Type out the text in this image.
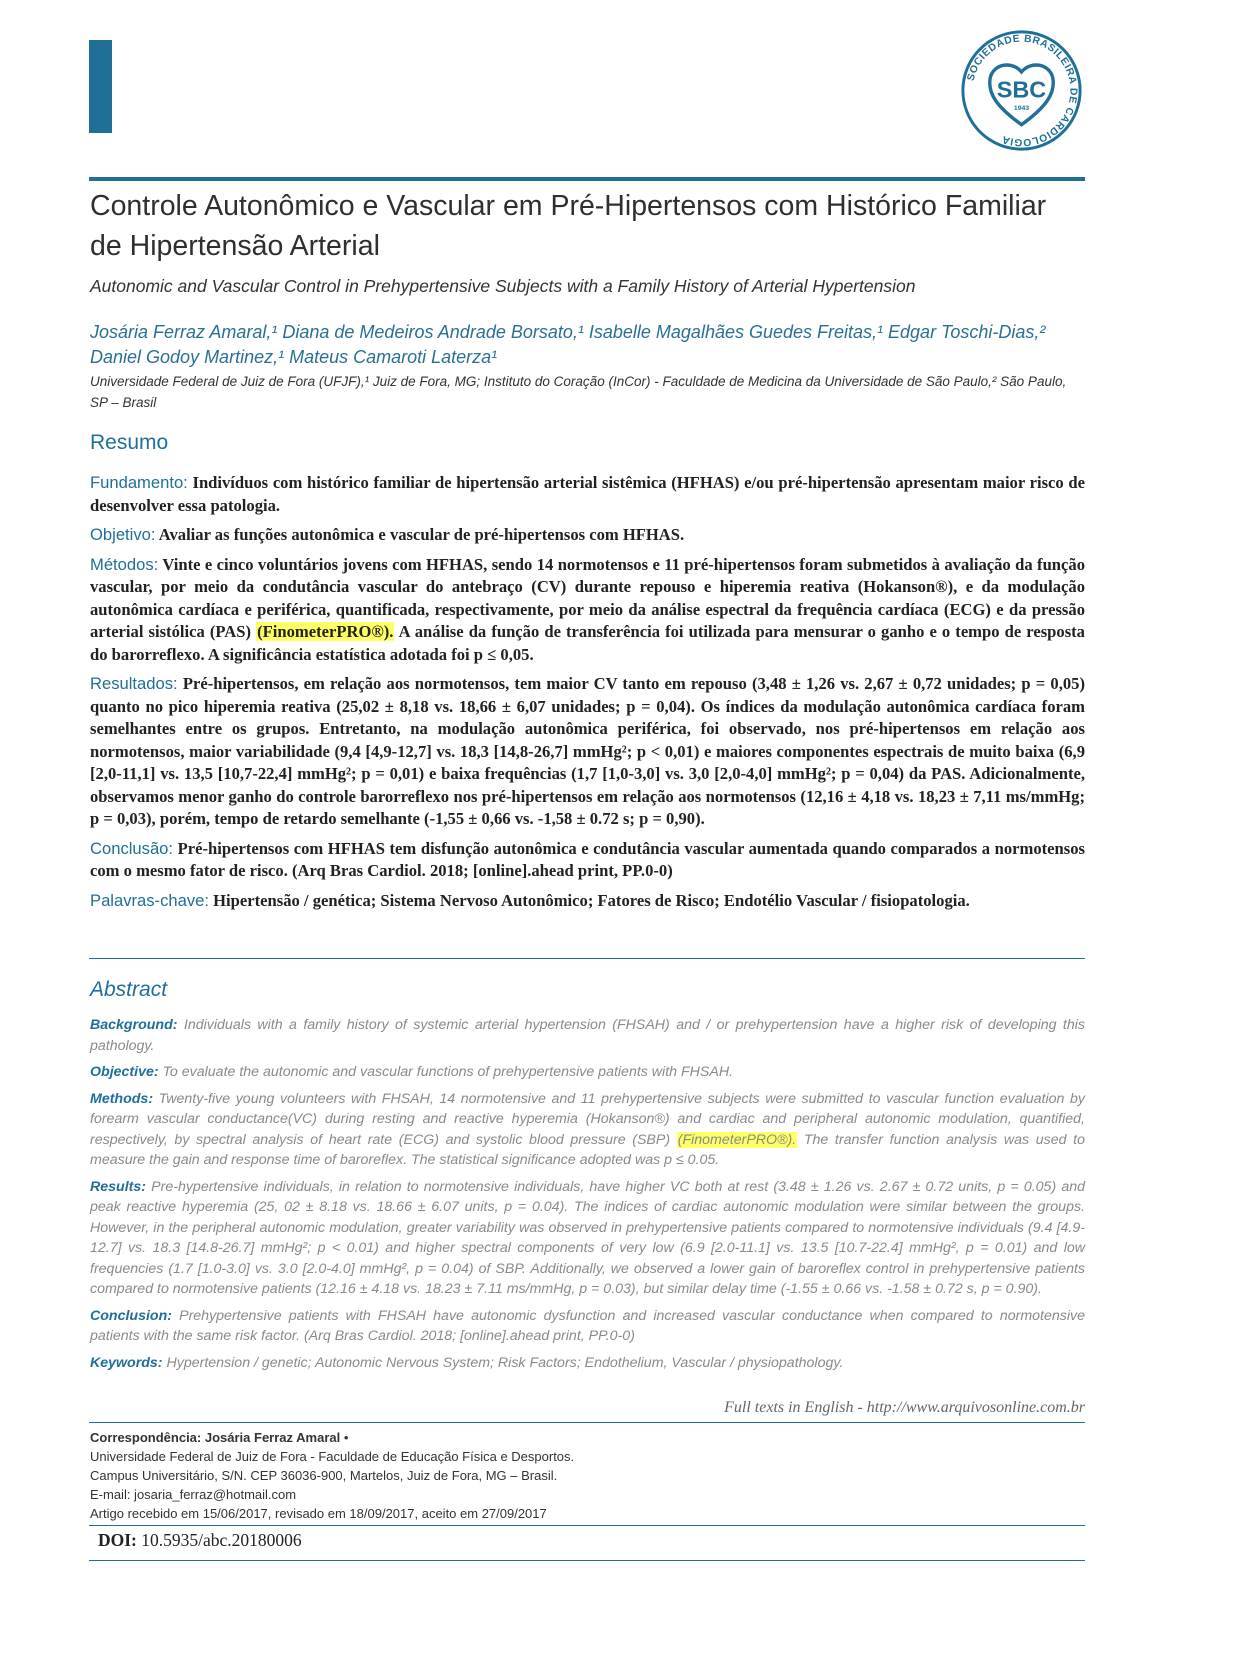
SOCIEDADE BRASILEIRA DE CARDIOLOGIA
SBC
1943
Controle Autonômico e Vascular em Pré-Hipertensos com Histórico Familiar de Hipertensão Arterial
Autonomic and Vascular Control in Prehypertensive Subjects with a Family History of Arterial Hypertension
Josária Ferraz Amaral,¹ Diana de Medeiros Andrade Borsato,¹ Isabelle Magalhães Guedes Freitas,¹ Edgar Toschi-Dias,² Daniel Godoy Martinez,¹ Mateus Camaroti Laterza¹
Universidade Federal de Juiz de Fora (UFJF),¹ Juiz de Fora, MG; Instituto do Coração (InCor) - Faculdade de Medicina da Universidade de São Paulo,² São Paulo, SP – Brasil
Resumo

Fundamento: Indivíduos com histórico familiar de hipertensão arterial sistêmica (HFHAS) e/ou pré-hipertensão apresentam maior risco de desenvolver essa patologia.

Objetivo: Avaliar as funções autonômica e vascular de pré-hipertensos com HFHAS.

Métodos: Vinte e cinco voluntários jovens com HFHAS, sendo 14 normotensos e 11 pré-hipertensos foram submetidos à avaliação da função vascular, por meio da condutância vascular do antebraço (CV) durante repouso e hiperemia reativa (Hokanson®), e da modulação autonômica cardíaca e periférica, quantificada, respectivamente, por meio da análise espectral da frequência cardíaca (ECG) e da pressão arterial sistólica (PAS) (FinometerPRO®). A análise da função de transferência foi utilizada para mensurar o ganho e o tempo de resposta do barorreflexo. A significância estatística adotada foi p ≤ 0,05.

Resultados: Pré-hipertensos, em relação aos normotensos, tem maior CV tanto em repouso (3,48 ± 1,26 vs. 2,67 ± 0,72 unidades; p = 0,05) quanto no pico hiperemia reativa (25,02 ± 8,18 vs. 18,66 ± 6,07 unidades; p = 0,04). Os índices da modulação autonômica cardíaca foram semelhantes entre os grupos. Entretanto, na modulação autonômica periférica, foi observado, nos pré-hipertensos em relação aos normotensos, maior variabilidade (9,4 [4,9-12,7] vs. 18,3 [14,8-26,7] mmHg²; p < 0,01) e maiores componentes espectrais de muito baixa (6,9 [2,0-11,1] vs. 13,5 [10,7-22,4] mmHg²; p = 0,01) e baixa frequências (1,7 [1,0-3,0] vs. 3,0 [2,0-4,0] mmHg²; p = 0,04) da PAS. Adicionalmente, observamos menor ganho do controle barorreflexo nos pré-hipertensos em relação aos normotensos (12,16 ± 4,18 vs. 18,23 ± 7,11 ms/mmHg; p = 0,03), porém, tempo de retardo semelhante (-1,55 ± 0,66 vs. -1,58 ± 0.72 s; p = 0,90).

Conclusão: Pré-hipertensos com HFHAS tem disfunção autonômica e condutância vascular aumentada quando comparados a normotensos com o mesmo fator de risco. (Arq Bras Cardiol. 2018; [online].ahead print, PP.0-0)

Palavras-chave: Hipertensão / genética; Sistema Nervoso Autonômico; Fatores de Risco; Endotélio Vascular / fisiopatologia.

Abstract

Background: Individuals with a family history of systemic arterial hypertension (FHSAH) and / or prehypertension have a higher risk of developing this pathology.

Objective: To evaluate the autonomic and vascular functions of prehypertensive patients with FHSAH.

Methods: Twenty-five young volunteers with FHSAH, 14 normotensive and 11 prehypertensive subjects were submitted to vascular function evaluation by forearm vascular conductance(VC) during resting and reactive hyperemia (Hokanson®) and cardiac and peripheral autonomic modulation, quantified, respectively, by spectral analysis of heart rate (ECG) and systolic blood pressure (SBP) (FinometerPRO®). The transfer function analysis was used to measure the gain and response time of baroreflex. The statistical significance adopted was p ≤ 0.05.

Results: Pre-hypertensive individuals, in relation to normotensive individuals, have higher VC both at rest (3.48 ± 1.26 vs. 2.67 ± 0.72 units, p = 0.05) and peak reactive hyperemia (25, 02 ± 8.18 vs. 18.66 ± 6.07 units, p = 0.04). The indices of cardiac autonomic modulation were similar between the groups. However, in the peripheral autonomic modulation, greater variability was observed in prehypertensive patients compared to normotensive individuals (9.4 [4.9-12.7] vs. 18.3 [14.8-26.7] mmHg²; p < 0.01) and higher spectral components of very low (6.9 [2.0-11.1] vs. 13.5 [10.7-22.4] mmHg², p = 0.01) and low frequencies (1.7 [1.0-3.0] vs. 3.0 [2.0-4.0] mmHg², p = 0.04) of SBP. Additionally, we observed a lower gain of baroreflex control in prehypertensive patients compared to normotensive patients (12.16 ± 4.18 vs. 18.23 ± 7.11 ms/mmHg, p = 0.03), but similar delay time (-1.55 ± 0.66 vs. -1.58 ± 0.72 s, p = 0.90).

Conclusion: Prehypertensive patients with FHSAH have autonomic dysfunction and increased vascular conductance when compared to normotensive patients with the same risk factor. (Arq Bras Cardiol. 2018; [online].ahead print, PP.0-0)

Keywords: Hypertension / genetic; Autonomic Nervous System; Risk Factors; Endothelium, Vascular / physiopathology.

Full texts in English - http://www.arquivosonline.com.br
Correspondência: Josária Ferraz Amaral •
Universidade Federal de Juiz de Fora - Faculdade de Educação Física e Desportos.
Campus Universitário, S/N. CEP 36036-900, Martelos, Juiz de Fora, MG – Brasil.
E-mail: josaria_ferraz@hotmail.com
Artigo recebido em 15/06/2017, revisado em 18/09/2017, aceito em 27/09/2017
DOI: 10.5935/abc.20180006
